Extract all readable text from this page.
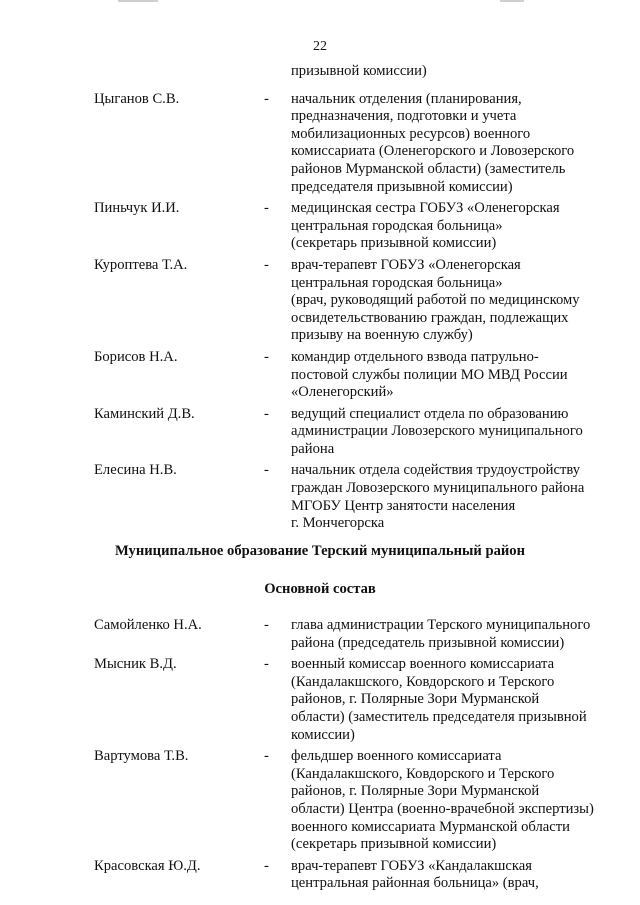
22
призывной комиссии)
Цыганов С.В.	- начальник отделения (планирования,
предназначения, подготовки и учета
мобилизационных ресурсов) военного
комиссариата (Оленегорского и Ловозерского
районов Мурманской области) (заместитель
председателя призывной комиссии)
Пиньчук И.И.	- медицинская сестра ГОБУЗ «Оленегорская
центральная городская больница»
(секретарь призывной комиссии)
Куроптева Т.А.	- врач-терапевт ГОБУЗ «Оленегорская
центральная городская больница»
(врач, руководящий работой по медицинскому
освидетельствованию граждан, подлежащих
призыву на военную службу)
Борисов Н.А.	- командир отдельного взвода патрульно-
постовой службы полиции МО МВД России
«Оленегорский»
Каминский Д.В.	- ведущий специалист отдела по образованию
администрации Ловозерского муниципального
района
Елесина Н.В.	- начальник отдела содействия трудоустройству
граждан Ловозерского муниципального района
МГОБУ Центр занятости населения
г. Мончегорска
Муниципальное образование Терский муниципальный район
Основной состав
Самойленко Н.А.	- глава администрации Терского муниципального
района (председатель призывной комиссии)
Мысник В.Д.	- военный комиссар военного комиссариата
(Кандалакшского, Ковдорского и Терского
районов, г. Полярные Зори Мурманской
области) (заместитель председателя призывной
комиссии)
Вартумова Т.В.	- фельдшер военного комиссариата
(Кандалакшского, Ковдорского и Терского
районов, г. Полярные Зори Мурманской
области) Центра (военно-врачебной экспертизы)
военного комиссариата Мурманской области
(секретарь призывной комиссии)
Красовская Ю.Д.	- врач-терапевт ГОБУЗ «Кандалакшская
центральная районная больница» (врач,
